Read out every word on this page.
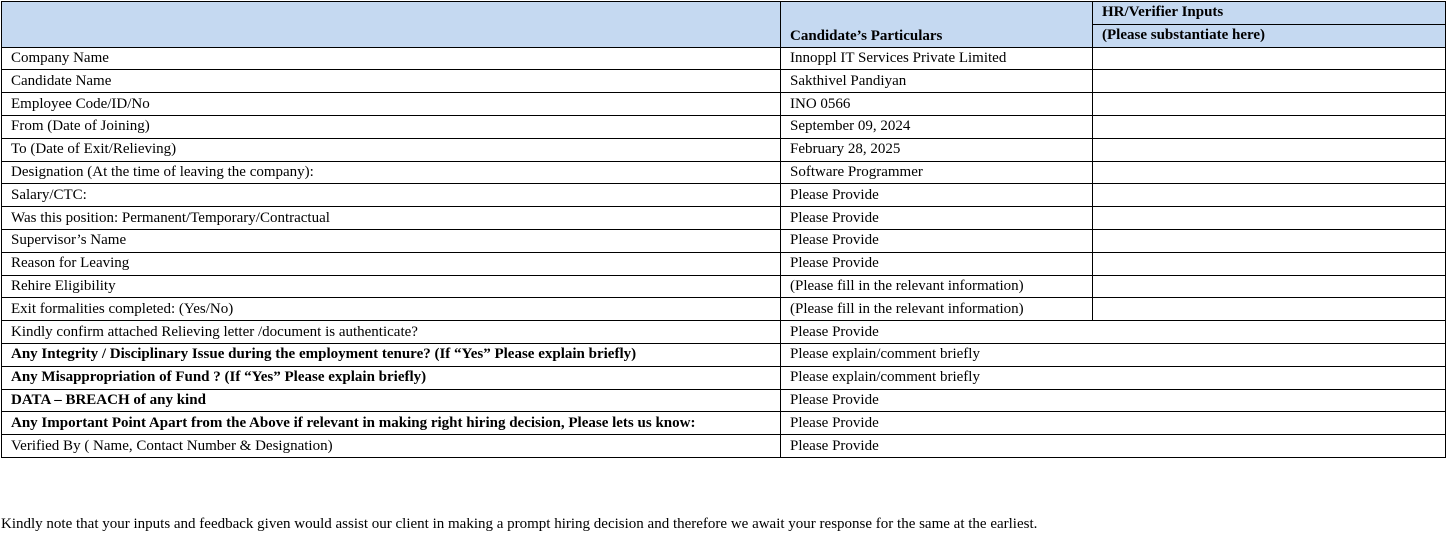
	Candidate’s Particulars	HR/Verifier Inputs
		(Please substantiate here)
Company Name	Innoppl IT Services Private Limited	
Candidate Name	Sakthivel Pandiyan	
Employee Code/ID/No	INO 0566	
From (Date of Joining)	September 09, 2024	
To (Date of Exit/Relieving)	February 28, 2025	
Designation (At the time of leaving the company):	Software Programmer	
Salary/CTC:	Please Provide	
Was this position: Permanent/Temporary/Contractual	Please Provide	
Supervisor’s Name	Please Provide	
Reason for Leaving	Please Provide	
Rehire Eligibility	(Please fill in the relevant information)	
Exit formalities completed: (Yes/No)	(Please fill in the relevant information)	
Kindly confirm attached Relieving letter /document is authenticate?	Please Provide	
Any Integrity / Disciplinary Issue during the employment tenure? (If “Yes” Please explain briefly)	Please explain/comment briefly	
Any Misappropriation of Fund ? (If “Yes” Please explain briefly)	Please explain/comment briefly	
DATA – BREACH of any kind	Please Provide	
Any Important Point Apart from the Above if relevant in making right hiring decision, Please lets us know:	Please Provide	
Verified By ( Name, Contact Number & Designation)	Please Provide	
Kindly note that your inputs and feedback given would assist our client in making a prompt hiring decision and therefore we await your response for the same at the earliest.
